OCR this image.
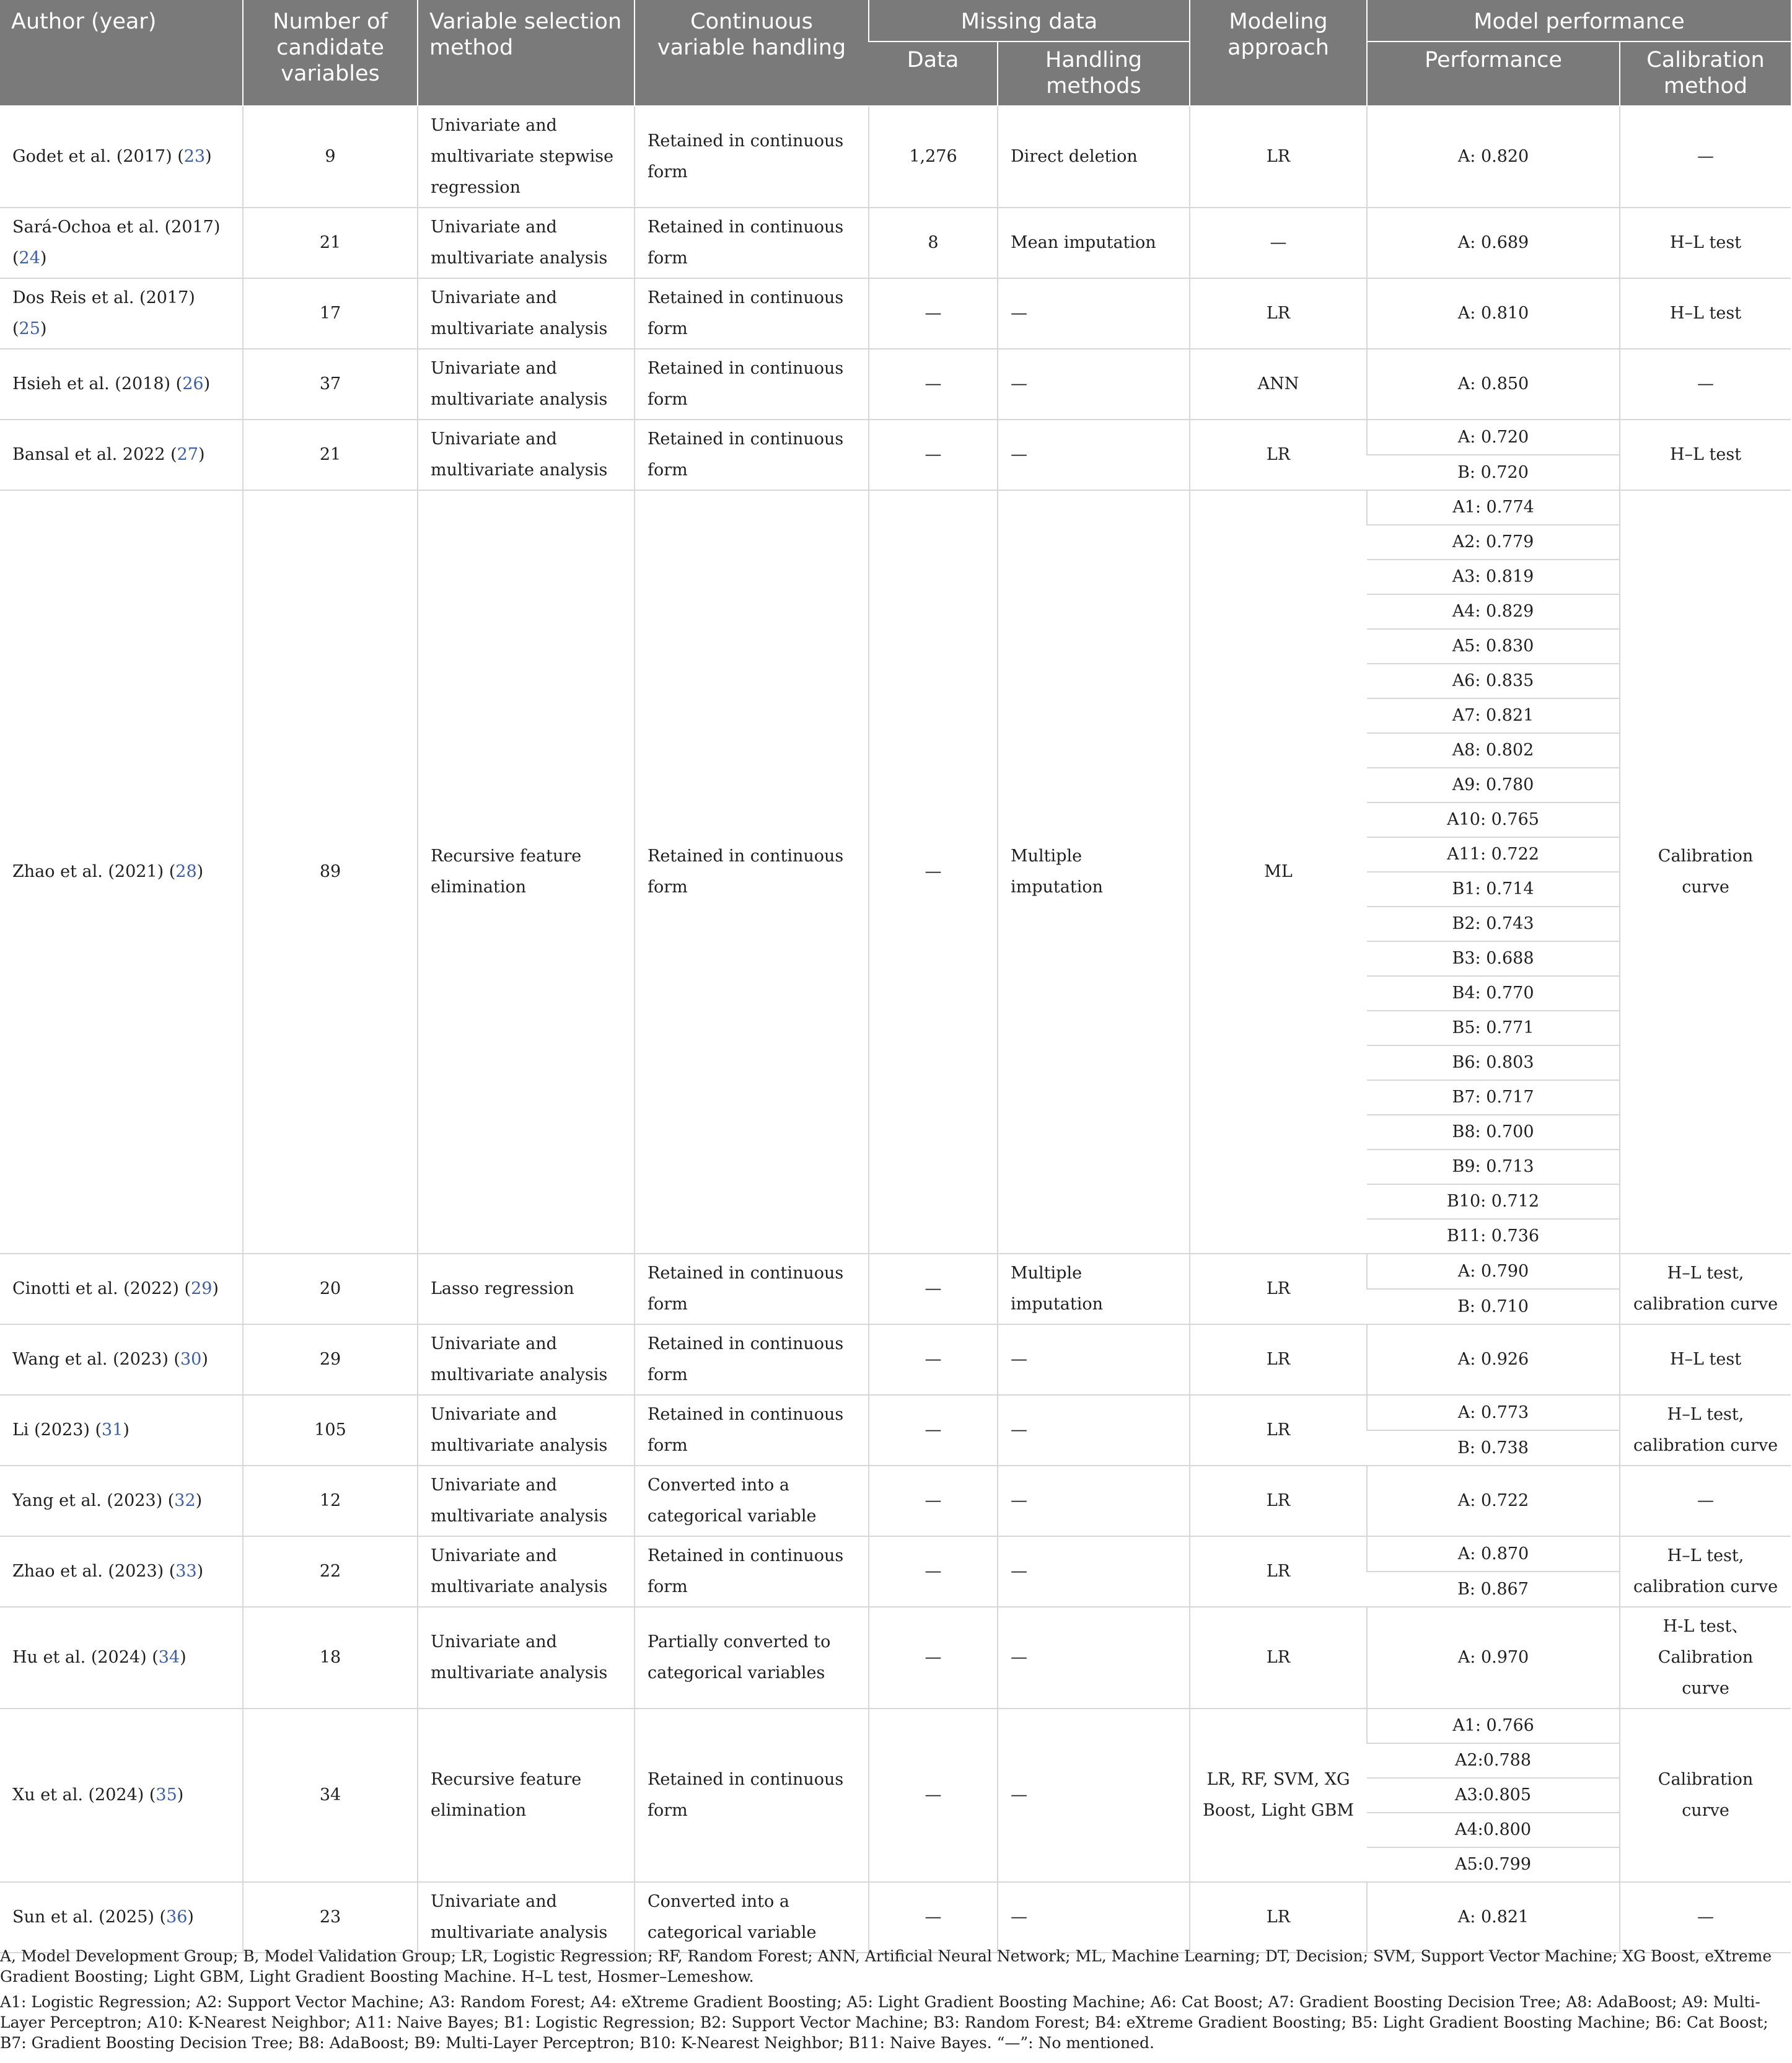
Author (year)	Number of candidate variables	Variable selection method	Continuous variable handling	Missing data		Modeling approach	Model performance	
				Data	Handling methods		Performance	Calibration method
Godet et al. (2017) (23)	9	Univariate and multivariate stepwise regression	Retained in continuous form	1,276	Direct deletion	LR	A: 0.820	—
Sará-Ochoa et al. (2017) (24)	21	Univariate and multivariate analysis	Retained in continuous form	8	Mean imputation	—	A: 0.689	H–L test
Dos Reis et al. (2017) (25)	17	Univariate and multivariate analysis	Retained in continuous form	—	—	LR	A: 0.810	H–L test
Hsieh et al. (2018) (26)	37	Univariate and multivariate analysis	Retained in continuous form	—	—	ANN	A: 0.850	—
Bansal et al. 2022 (27)	21	Univariate and multivariate analysis	Retained in continuous form	—	—	LR	A: 0.720	H–L test
							B: 0.720	
Zhao et al. (2021) (28)	89	Recursive feature elimination	Retained in continuous form	—	Multiple imputation	ML	A1: 0.774	Calibration curve
							A2: 0.779	
							A3: 0.819	
							A4: 0.829	
							A5: 0.830	
							A6: 0.835	
							A7: 0.821	
							A8: 0.802	
							A9: 0.780	
							A10: 0.765	
							A11: 0.722	
							B1: 0.714	
							B2: 0.743	
							B3: 0.688	
							B4: 0.770	
							B5: 0.771	
							B6: 0.803	
							B7: 0.717	
							B8: 0.700	
							B9: 0.713	
							B10: 0.712	
							B11: 0.736	
Cinotti et al. (2022) (29)	20	Lasso regression	Retained in continuous form	—	Multiple imputation	LR	A: 0.790	H–L test, calibration curve
							B: 0.710	
Wang et al. (2023) (30)	29	Univariate and multivariate analysis	Retained in continuous form	—	—	LR	A: 0.926	H–L test
Li (2023) (31)	105	Univariate and multivariate analysis	Retained in continuous form	—	—	LR	A: 0.773	H–L test, calibration curve
							B: 0.738	
Yang et al. (2023) (32)	12	Univariate and multivariate analysis	Converted into a categorical variable	—	—	LR	A: 0.722	—
Zhao et al. (2023) (33)	22	Univariate and multivariate analysis	Retained in continuous form	—	—	LR	A: 0.870	H–L test, calibration curve
							B: 0.867	
Hu et al. (2024) (34)	18	Univariate and multivariate analysis	Partially converted to categorical variables	—	—	LR	A: 0.970	H-L test、Calibration curve
Xu et al. (2024) (35)	34	Recursive feature elimination	Retained in continuous form	—	—	LR, RF, SVM, XG Boost, Light GBM	A1: 0.766	Calibration curve
							A2:0.788	
							A3:0.805	
							A4:0.800	
							A5:0.799	
Sun et al. (2025) (36)	23	Univariate and multivariate analysis	Converted into a categorical variable	—	—	LR	A: 0.821	—

A, Model Development Group; B, Model Validation Group; LR, Logistic Regression; RF, Random Forest; ANN, Artificial Neural Network; ML, Machine Learning; DT, Decision; SVM, Support Vector Machine; XG Boost, eXtreme Gradient Boosting; Light GBM, Light Gradient Boosting Machine. H–L test, Hosmer–Lemeshow.

A1: Logistic Regression; A2: Support Vector Machine; A3: Random Forest; A4: eXtreme Gradient Boosting; A5: Light Gradient Boosting Machine; A6: Cat Boost; A7: Gradient Boosting Decision Tree; A8: AdaBoost; A9: Multi-Layer Perceptron; A10: K-Nearest Neighbor; A11: Naive Bayes; B1: Logistic Regression; B2: Support Vector Machine; B3: Random Forest; B4: eXtreme Gradient Boosting; B5: Light Gradient Boosting Machine; B6: Cat Boost; B7: Gradient Boosting Decision Tree; B8: AdaBoost; B9: Multi-Layer Perceptron; B10: K-Nearest Neighbor; B11: Naive Bayes. “—”: No mentioned.
